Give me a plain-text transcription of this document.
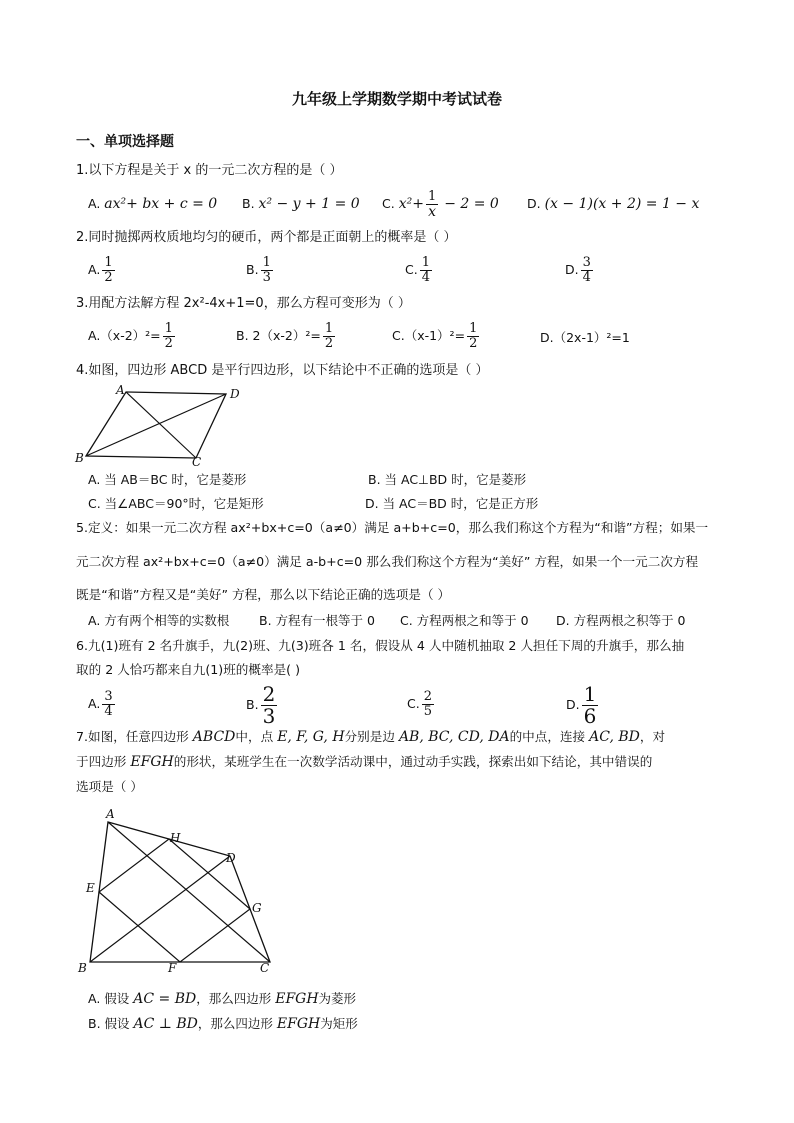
九年级上学期数学期中考试试卷
一、单项选择题
1.以下方程是关于 x 的一元二次方程的是（ ）
A. ax²+ bx + c = 0 B. x² − y + 1 = 0 C. $x^2+ \frac{1}{x} - 2 = 0$ D. (x − 1)(x + 2) = 1 − x
2.同时抛掷两枚质地均匀的硬币，两个都是正面朝上的概率是（ ）
A. $\frac{1}{2}$	B. $\frac{1}{3}$	C. $\frac{1}{4}$	D. $\frac{3}{4}$
3.用配方法解方程 2x²-4x+1=0，那么方程可变形为（ ）
$A.(x-2)^2= \frac{1}{2}$	B. $2(x-2)^2= \frac{1}{2}$	$C.(x-1)^2= \frac{1}{2}$	D.（2x-1）²=1
4.如图，四边形 ABCD 是平行四边形，以下结论中不正确的选项是（ ）
A	D
B	C
A. 当 AB＝BC 时，它是菱形	B. 当 AC⊥BD 时，它是菱形
C. 当∠ABC＝90°时，它是矩形	D. 当 AC＝BD 时，它是正方形
5.定义：如果一元二次方程 ax²+bx+c=0（a≠0）满足 a+b+c=0，那么我们称这个方程为“和谐”方程；如果一
元二次方程 ax²+bx+c=0（a≠0）满足 a-b+c=0 那么我们称这个方程为“美好” 方程，如果一个一元二次方程
既是“和谐”方程又是“美好” 方程，那么以下结论正确的选项是（ ）
A. 方有两个相等的实数根 B. 方程有一根等于 0 C. 方程两根之和等于 0 D. 方程两根之积等于 0
6.九(1)班有 2 名升旗手，九(2)班、九(3)班各 1 名，假设从 4 人中随机抽取 2 人担任下周的升旗手，那么抽
取的 2 人恰巧都来自九(1)班的概率是( )
A. $\frac{3}{4}$	B. $\frac{2}{3}$	C. $\frac{2}{5}$	D. $\frac{1}{6}$
7.如图，任意四边形 ABCD中，点 E, F, G, H分别是边 AB, BC, CD, DA的中点，连接 AC, BD，对
于四边形 EFGH的形状，某班学生在一次数学活动课中，通过动手实践，探索出如下结论，其中错误的
选项是（ ）
A
H
D
E
G
B	F	C
A. 假设 AC = BD，那么四边形 EFGH为菱形
B. 假设 AC ⊥ BD，那么四边形 EFGH为矩形
